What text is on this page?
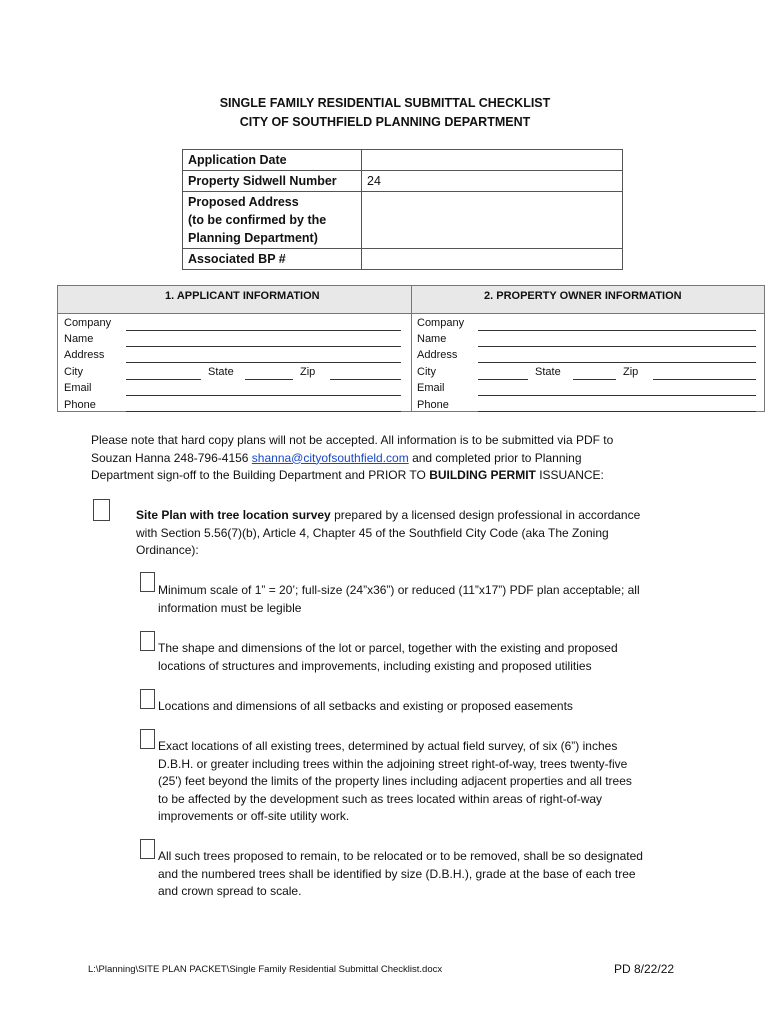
SINGLE FAMILY RESIDENTIAL SUBMITTAL CHECKLIST
CITY OF SOUTHFIELD PLANNING DEPARTMENT
Application Date	
Property Sidwell Number	24

Proposed Address
(to be confirmed by the
Planning Department)	

Associated BP #	
1. APPLICANT INFORMATION	2. PROPERTY OWNER INFORMATION
Company
Name
Address
City	State	Zip
Email
Phone
Company
Name
Address
City	State	Zip
Email
Phone
Please note that hard copy plans will not be accepted. All information is to be submitted via PDF to
Souzan Hanna 248-796-4156 shanna@cityofsouthfield.com and completed prior to Planning
Department sign-off to the Building Department and PRIOR TO BUILDING PERMIT ISSUANCE:
Site Plan with tree location survey prepared by a licensed design professional in accordance
with Section 5.56(7)(b), Article 4, Chapter 45 of the Southfield City Code (aka The Zoning
Ordinance):
Minimum scale of 1” = 20’; full-size (24”x36”) or reduced (11”x17”) PDF plan acceptable; all
information must be legible
The shape and dimensions of the lot or parcel, together with the existing and proposed
locations of structures and improvements, including existing and proposed utilities
Locations and dimensions of all setbacks and existing or proposed easements
Exact locations of all existing trees, determined by actual field survey, of six (6”) inches
D.B.H. or greater including trees within the adjoining street right-of-way, trees twenty-five
(25') feet beyond the limits of the property lines including adjacent properties and all trees
to be affected by the development such as trees located within areas of right-of-way
improvements or off-site utility work.
All such trees proposed to remain, to be relocated or to be removed, shall be so designated
and the numbered trees shall be identified by size (D.B.H.), grade at the base of each tree
and crown spread to scale.
L:\Planning\SITE PLAN PACKET\Single Family Residential Submittal Checklist.docx	PD 8/22/22
